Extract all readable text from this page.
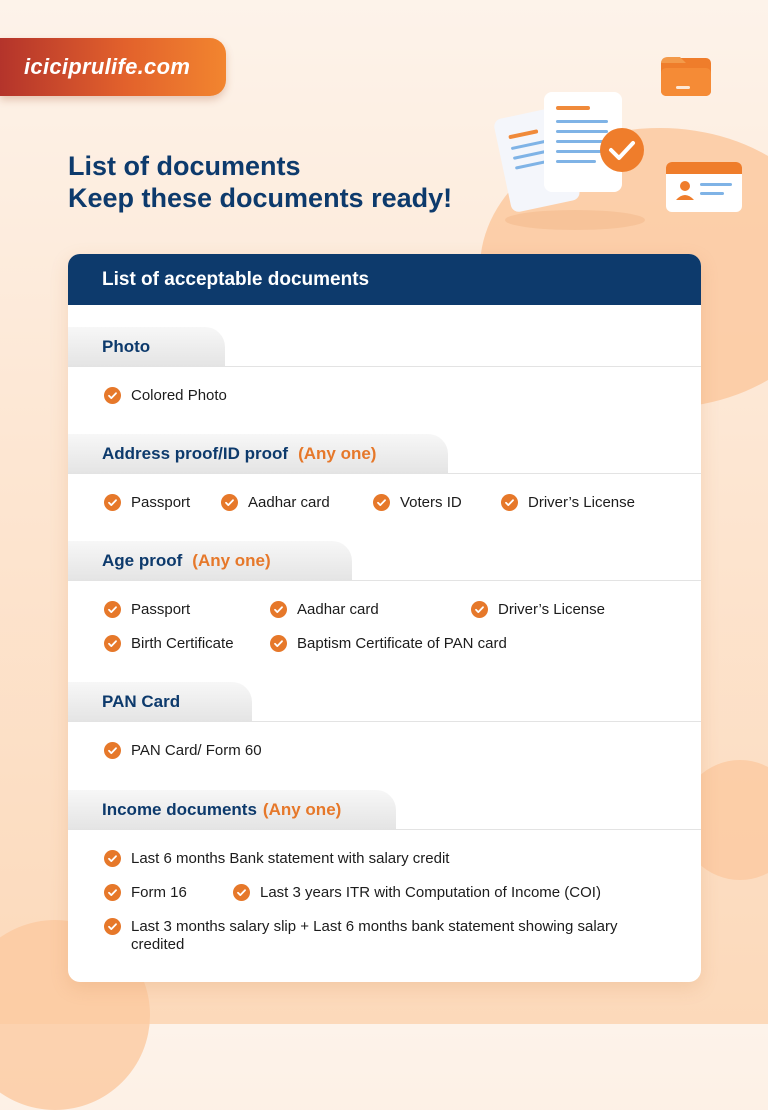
iciciprulife.com
List of documents
Keep these documents ready!
List of acceptable documents
Photo
Colored Photo
Address proof/ID proof (Any one)
Passport	Aadhar card	Voters ID	Driver’s License
Age proof (Any one)
Passport	Aadhar card	Driver’s License
Birth Certificate	Baptism Certificate of PAN card
PAN Card
PAN Card/ Form 60
Income documents (Any one)
Last 6 months Bank statement with salary credit
Form 16	Last 3 years ITR with Computation of Income (COI)
Last 3 months salary slip + Last 6 months bank statement showing salary credited
